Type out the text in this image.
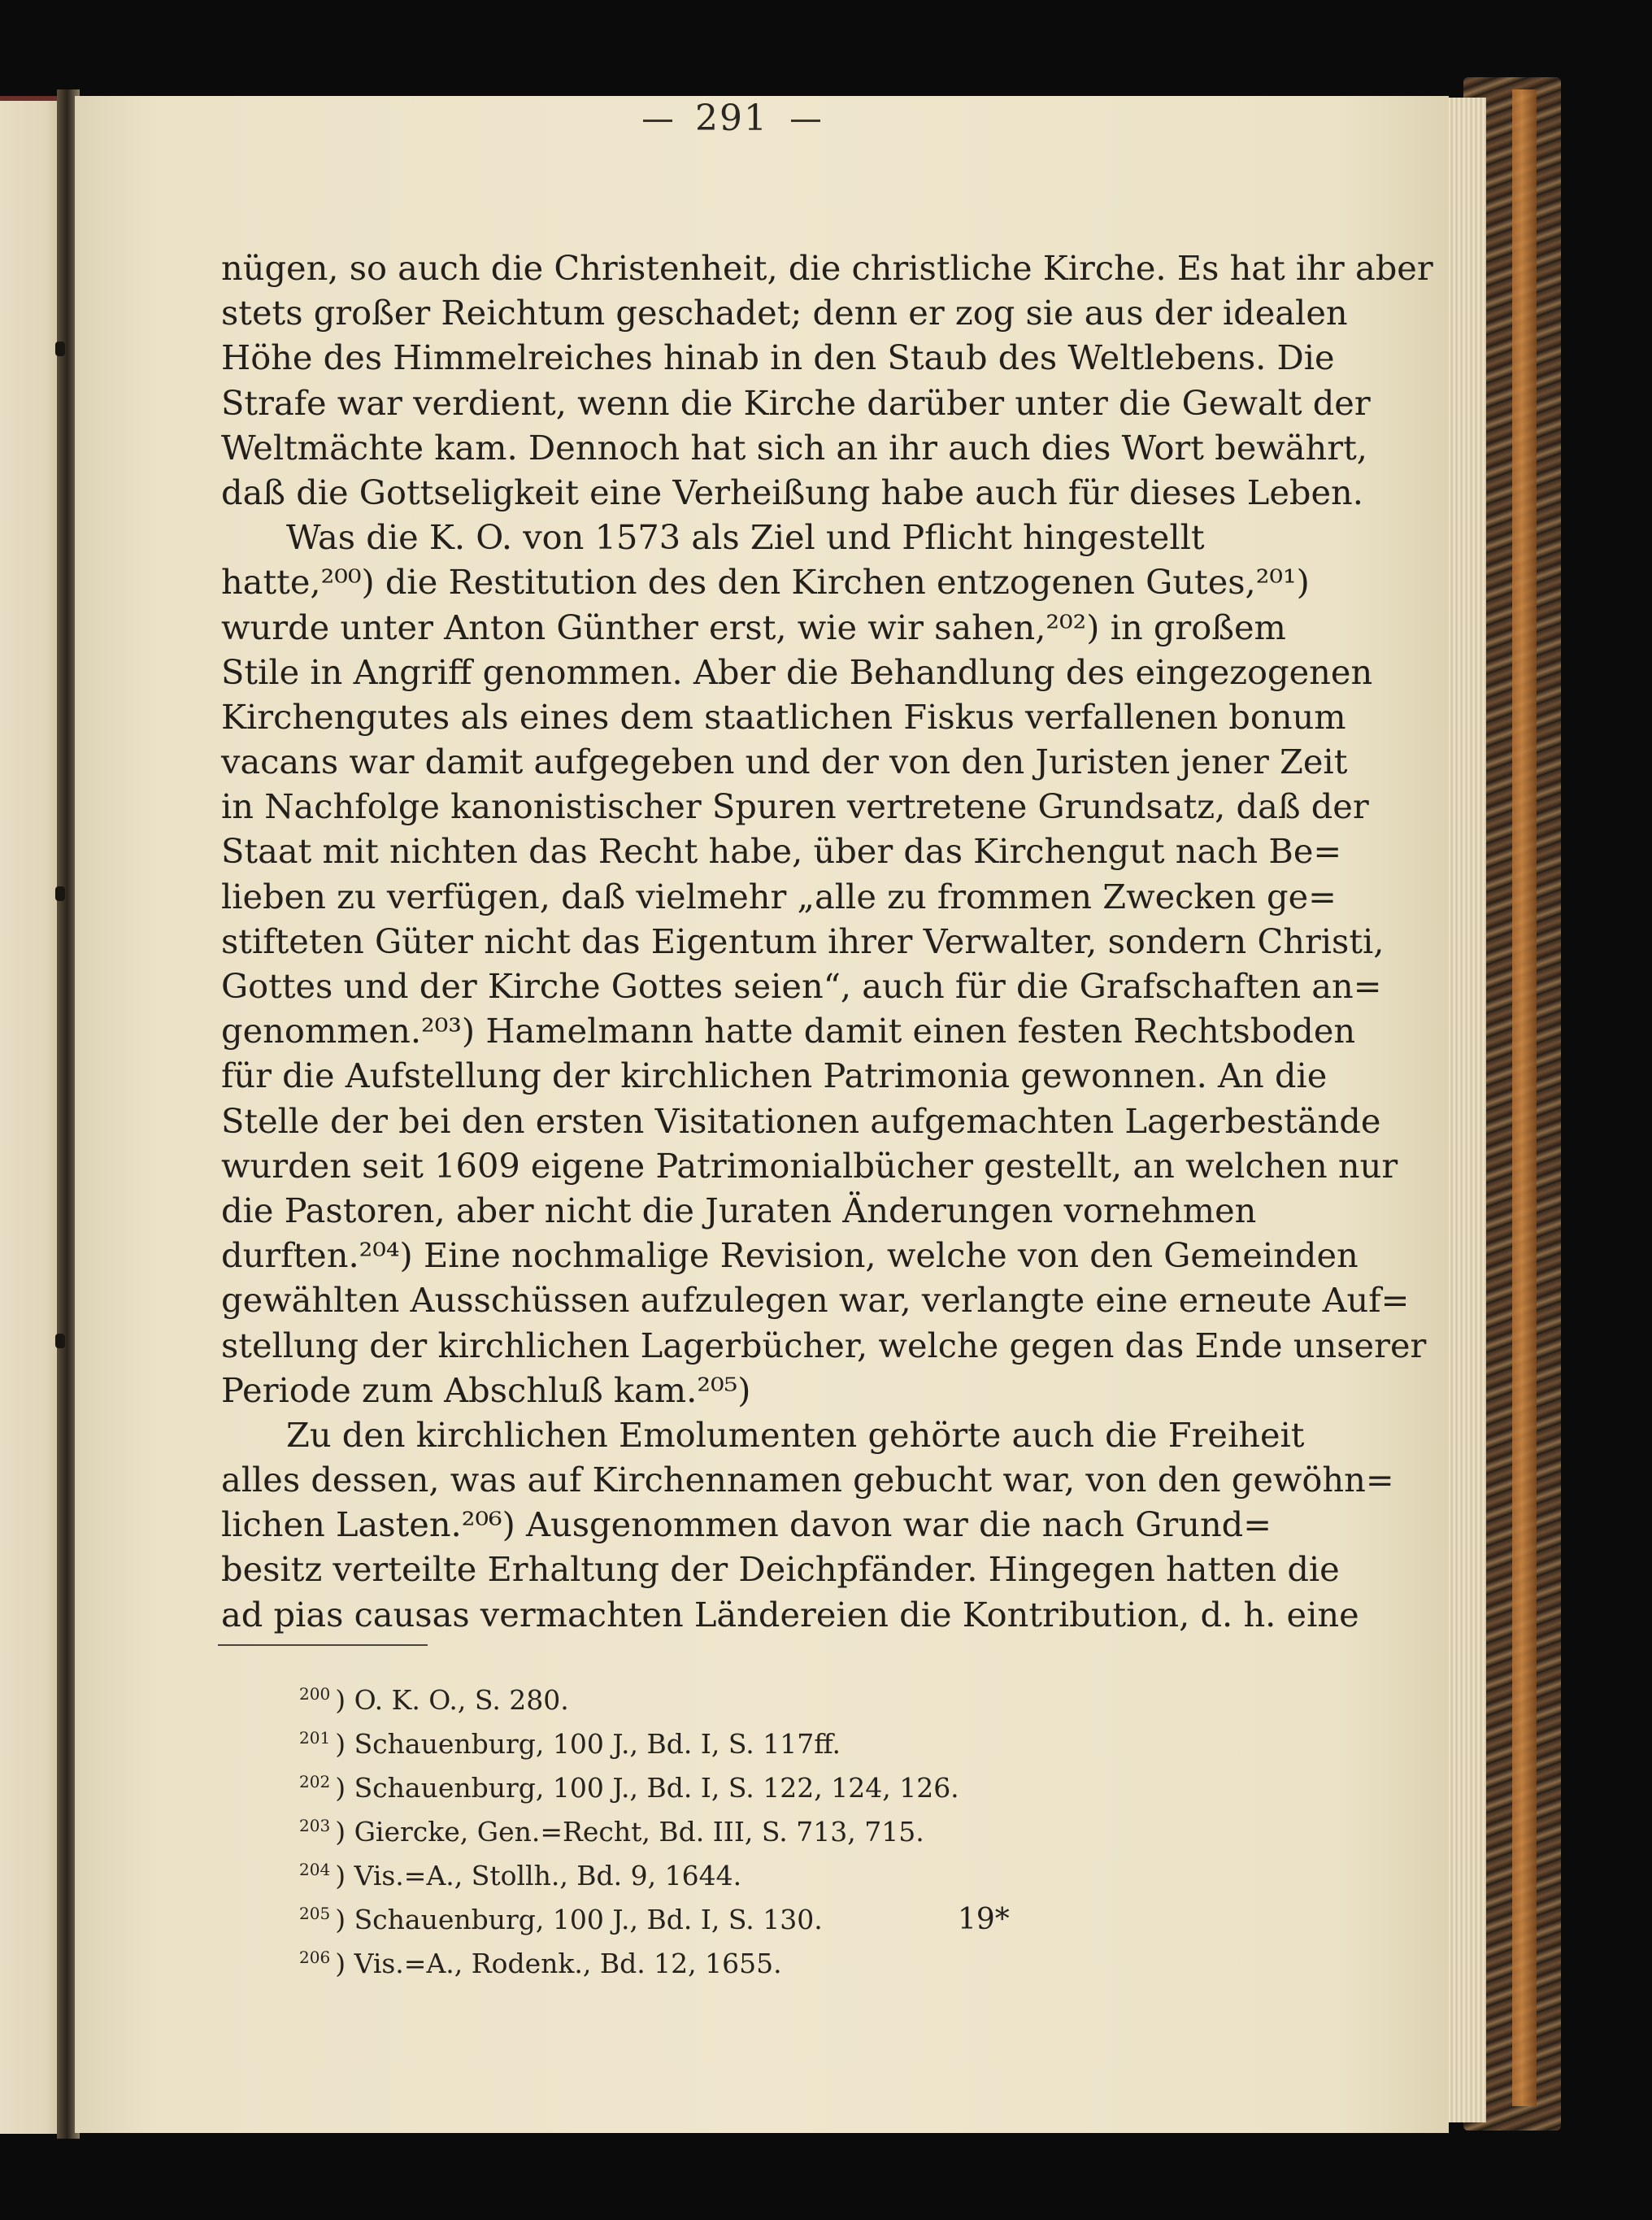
291
nügen, so auch die Christenheit, die christliche Kirche. Es hat ihr aber
stets großer Reichtum geschadet; denn er zog sie aus der idealen
Höhe des Himmelreiches hinab in den Staub des Weltlebens. Die
Strafe war verdient, wenn die Kirche darüber unter die Gewalt der
Weltmächte kam. Dennoch hat sich an ihr auch dies Wort bewährt,
daß die Gottseligkeit eine Verheißung habe auch für dieses Leben.
Was die K. O. von 1573 als Ziel und Pflicht hingestellt
hatte,²⁰⁰) die Restitution des den Kirchen entzogenen Gutes,²⁰¹)
wurde unter Anton Günther erst, wie wir sahen,²⁰²) in großem
Stile in Angriff genommen. Aber die Behandlung des eingezogenen
Kirchengutes als eines dem staatlichen Fiskus verfallenen bonum
vacans war damit aufgegeben und der von den Juristen jener Zeit
in Nachfolge kanonistischer Spuren vertretene Grundsatz, daß der
Staat mit nichten das Recht habe, über das Kirchengut nach Be=
lieben zu verfügen, daß vielmehr „alle zu frommen Zwecken ge=
stifteten Güter nicht das Eigentum ihrer Verwalter, sondern Christi,
Gottes und der Kirche Gottes seien“, auch für die Grafschaften an=
genommen.²⁰³) Hamelmann hatte damit einen festen Rechtsboden
für die Aufstellung der kirchlichen Patrimonia gewonnen. An die
Stelle der bei den ersten Visitationen aufgemachten Lagerbestände
wurden seit 1609 eigene Patrimonialbücher gestellt, an welchen nur
die Pastoren, aber nicht die Juraten Änderungen vornehmen
durften.²⁰⁴) Eine nochmalige Revision, welche von den Gemeinden
gewählten Ausschüssen aufzulegen war, verlangte eine erneute Auf=
stellung der kirchlichen Lagerbücher, welche gegen das Ende unserer
Periode zum Abschluß kam.²⁰⁵)
Zu den kirchlichen Emolumenten gehörte auch die Freiheit
alles dessen, was auf Kirchennamen gebucht war, von den gewöhn=
lichen Lasten.²⁰⁶) Ausgenommen davon war die nach Grund=
besitz verteilte Erhaltung der Deichpfänder. Hingegen hatten die
ad pias causas vermachten Ländereien die Kontribution, d. h. eine
$^{200}$ ) O. K. O., S. 280.
$^{201}$ ) Schauenburg, 100 J., Bd. I, S. 117ff.
$^{202}$ ) Schauenburg, 100 J., Bd. I, S. 122, 124, 126.
$^{203}$ ) Giercke, Gen.=Recht, Bd. III, S. 713, 715.
$^{204}$ ) Vis.=A., Stollh., Bd. 9, 1644.
$^{205}$ ) Schauenburg, 100 J., Bd. I, S. 130.
$^{206}$ ) Vis.=A., Rodenk., Bd. 12, 1655.
19*
